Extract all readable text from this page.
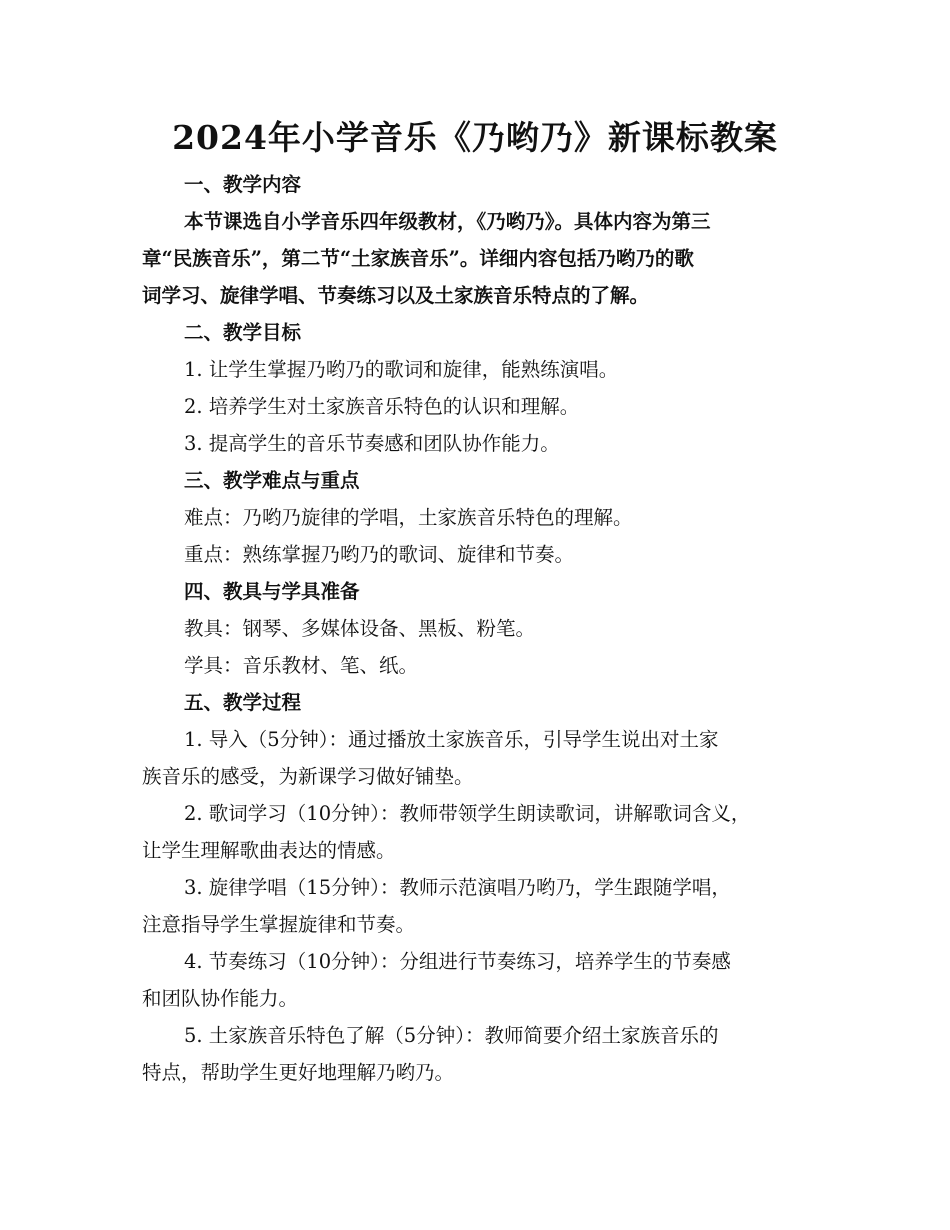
2024年小学音乐《乃哟乃》新课标教案
一、教学内容
本节课选自小学音乐四年级教材，《乃哟乃》。具体内容为第三
章“民族音乐”，第二节“土家族音乐”。详细内容包括乃哟乃的歌
词学习、旋律学唱、节奏练习以及土家族音乐特点的了解。
二、教学目标
1. 让学生掌握乃哟乃的歌词和旋律，能熟练演唱。
2. 培养学生对土家族音乐特色的认识和理解。
3. 提高学生的音乐节奏感和团队协作能力。
三、教学难点与重点
难点：乃哟乃旋律的学唱，土家族音乐特色的理解。
重点：熟练掌握乃哟乃的歌词、旋律和节奏。
四、教具与学具准备
教具：钢琴、多媒体设备、黑板、粉笔。
学具：音乐教材、笔、纸。
五、教学过程
1. 导入（5分钟）：通过播放土家族音乐，引导学生说出对土家
族音乐的感受，为新课学习做好铺垫。
2. 歌词学习（10分钟）：教师带领学生朗读歌词，讲解歌词含义，
让学生理解歌曲表达的情感。
3. 旋律学唱（15分钟）：教师示范演唱乃哟乃，学生跟随学唱，
注意指导学生掌握旋律和节奏。
4. 节奏练习（10分钟）：分组进行节奏练习，培养学生的节奏感
和团队协作能力。
5. 土家族音乐特色了解（5分钟）：教师简要介绍土家族音乐的
特点，帮助学生更好地理解乃哟乃。
